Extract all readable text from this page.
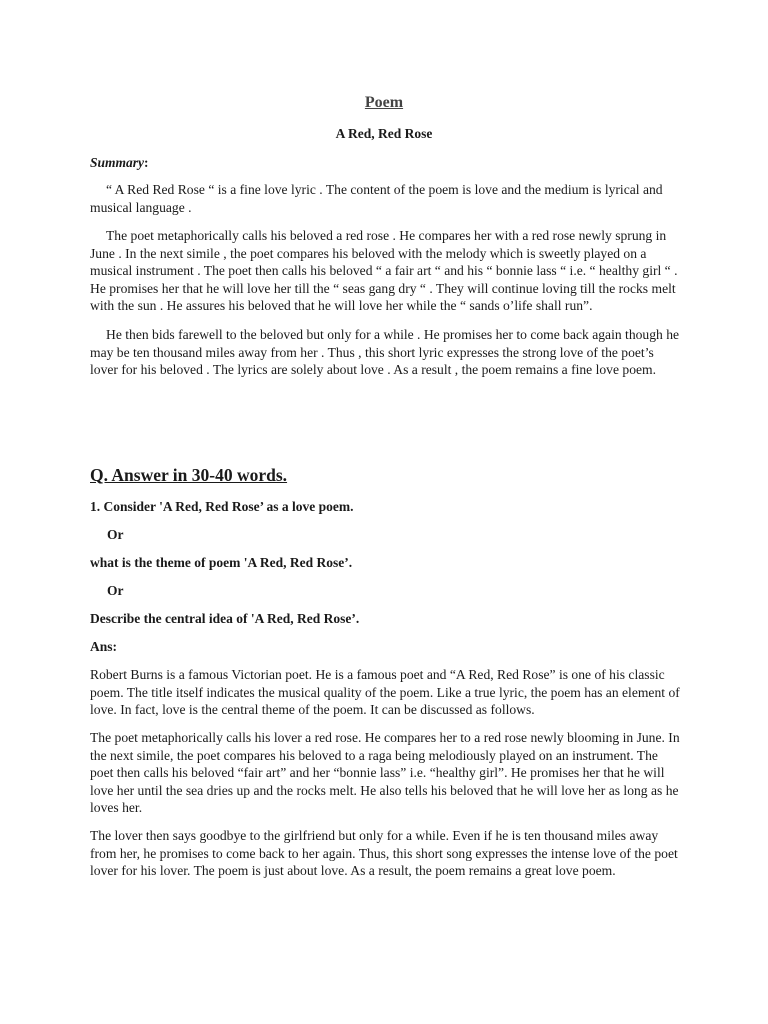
Poem
A Red, Red Rose

Summary:

“ A Red Red Rose “ is a fine love lyric . The content of the poem is love and the medium is lyrical and musical language .

The poet metaphorically calls his beloved a red rose . He compares her with a red rose newly sprung in June . In the next simile , the poet compares his beloved with the melody which is sweetly played on a musical instrument . The poet then calls his beloved “ a fair art “ and his “ bonnie lass “ i.e. “ healthy girl “ . He promises her that he will love her till the “ seas gang dry “ . They will continue loving till the rocks melt with the sun . He assures his beloved that he will love her while the “ sands o’life shall run”.

He then bids farewell to the beloved but only for a while . He promises her to come back again though he may be ten thousand miles away from her . Thus , this short lyric expresses the strong love of the poet’s lover for his beloved . The lyrics are solely about love . As a result , the poem remains a fine love poem.

Q. Answer in 30-40 words.

1. Consider 'A Red, Red Rose’ as a love poem.

Or

what is the theme of poem 'A Red, Red Rose’.

Or

Describe the central idea of 'A Red, Red Rose’.

Ans:

Robert Burns is a famous Victorian poet. He is a famous poet and “A Red, Red Rose” is one of his classic poem. The title itself indicates the musical quality of the poem. Like a true lyric, the poem has an element of love. In fact, love is the central theme of the poem. It can be discussed as follows.

The poet metaphorically calls his lover a red rose. He compares her to a red rose newly blooming in June. In the next simile, the poet compares his beloved to a raga being melodiously played on an instrument. The poet then calls his beloved “fair art” and her “bonnie lass” i.e. “healthy girl”. He promises her that he will love her until the sea dries up and the rocks melt. He also tells his beloved that he will love her as long as he loves her.

The lover then says goodbye to the girlfriend but only for a while. Even if he is ten thousand miles away from her, he promises to come back to her again. Thus, this short song expresses the intense love of the poet lover for his lover. The poem is just about love. As a result, the poem remains a great love poem.
